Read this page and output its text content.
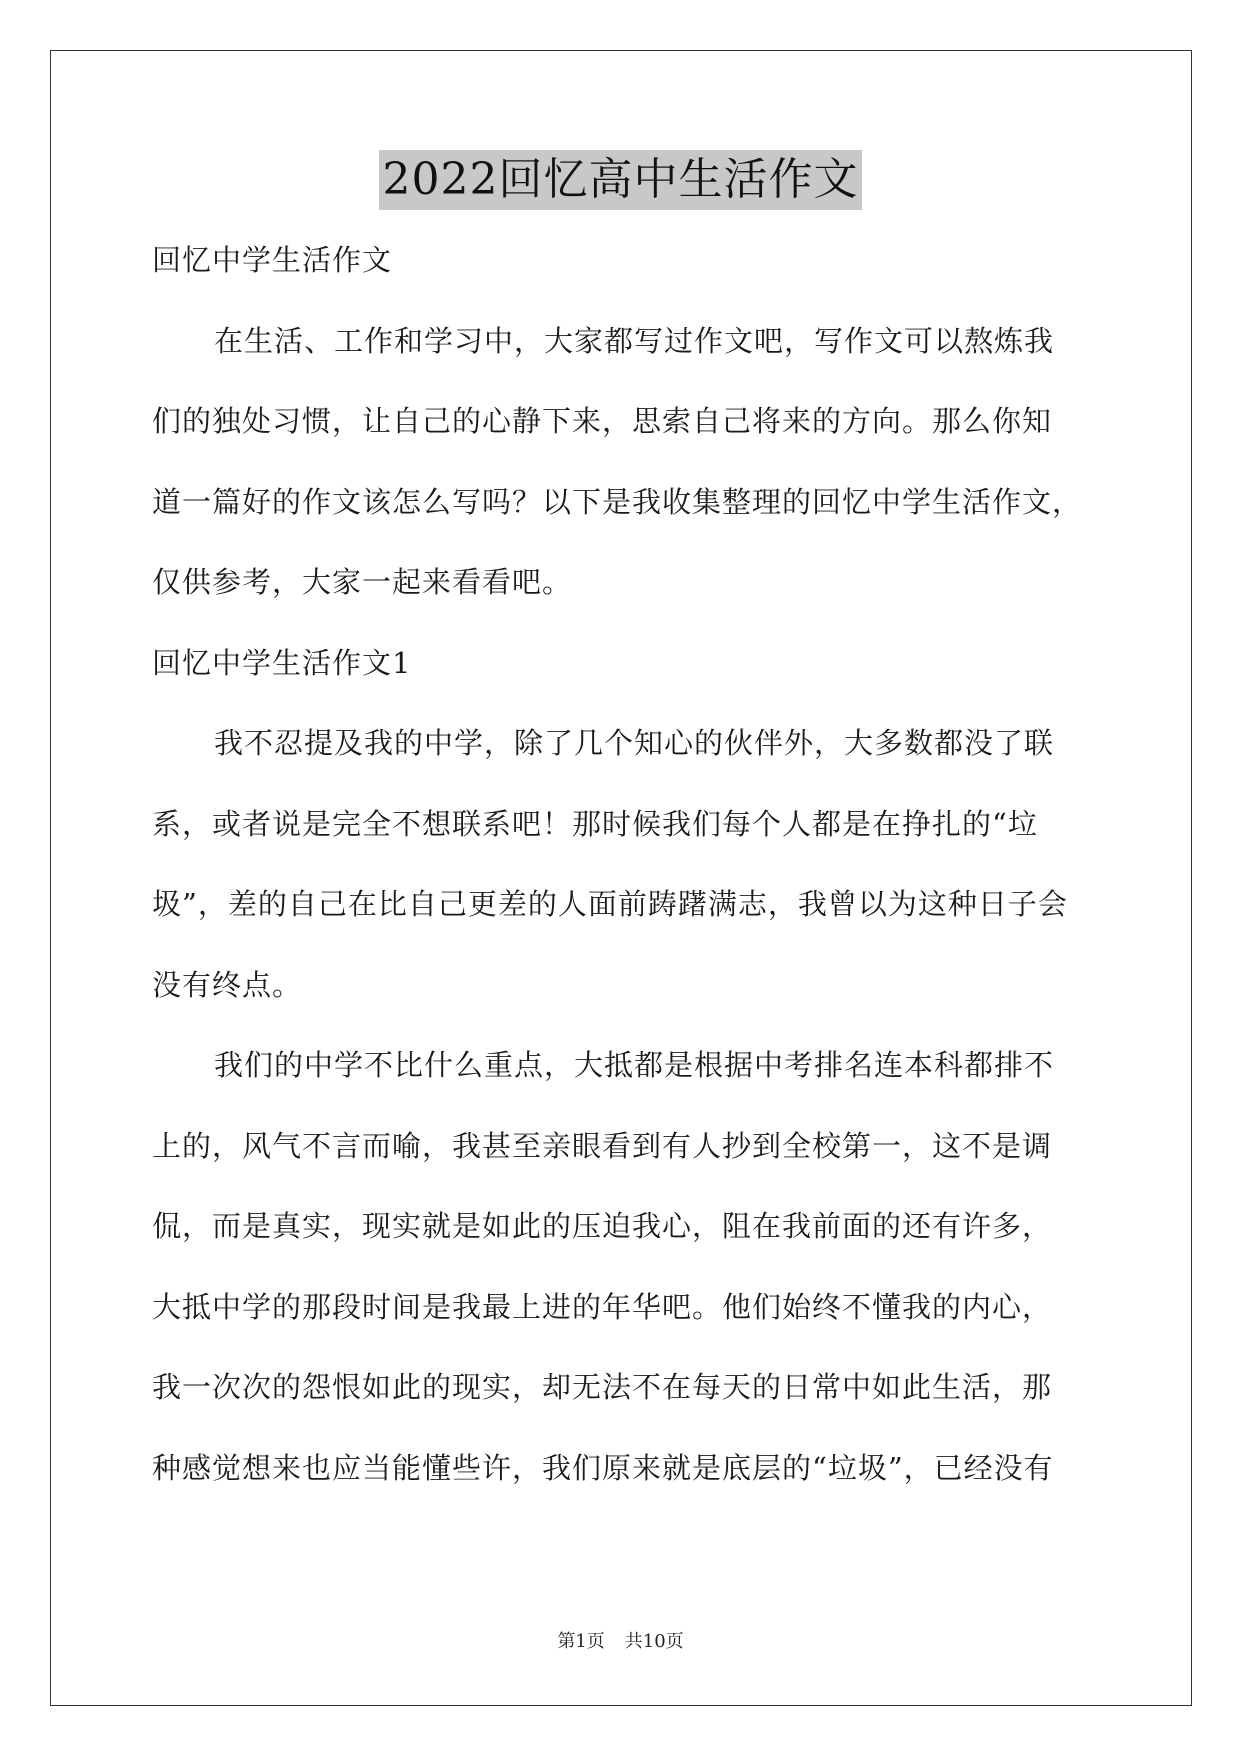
2022回忆高中生活作文
回忆中学生活作文
在生活、工作和学习中，大家都写过作文吧，写作文可以熬炼我
们的独处习惯，让自己的心静下来，思索自己将来的方向。那么你知
道一篇好的作文该怎么写吗？以下是我收集整理的回忆中学生活作文，
仅供参考，大家一起来看看吧。
回忆中学生活作文1
我不忍提及我的中学，除了几个知心的伙伴外，大多数都没了联
系，或者说是完全不想联系吧！那时候我们每个人都是在挣扎的“垃
圾”，差的自己在比自己更差的人面前踌躇满志，我曾以为这种日子会
没有终点。
我们的中学不比什么重点，大抵都是根据中考排名连本科都排不
上的，风气不言而喻，我甚至亲眼看到有人抄到全校第一，这不是调
侃，而是真实，现实就是如此的压迫我心，阻在我前面的还有许多，
大抵中学的那段时间是我最上进的年华吧。他们始终不懂我的内心，
我一次次的怨恨如此的现实，却无法不在每天的日常中如此生活，那
种感觉想来也应当能懂些许，我们原来就是底层的“垃圾”，已经没有
第1页 共10页
